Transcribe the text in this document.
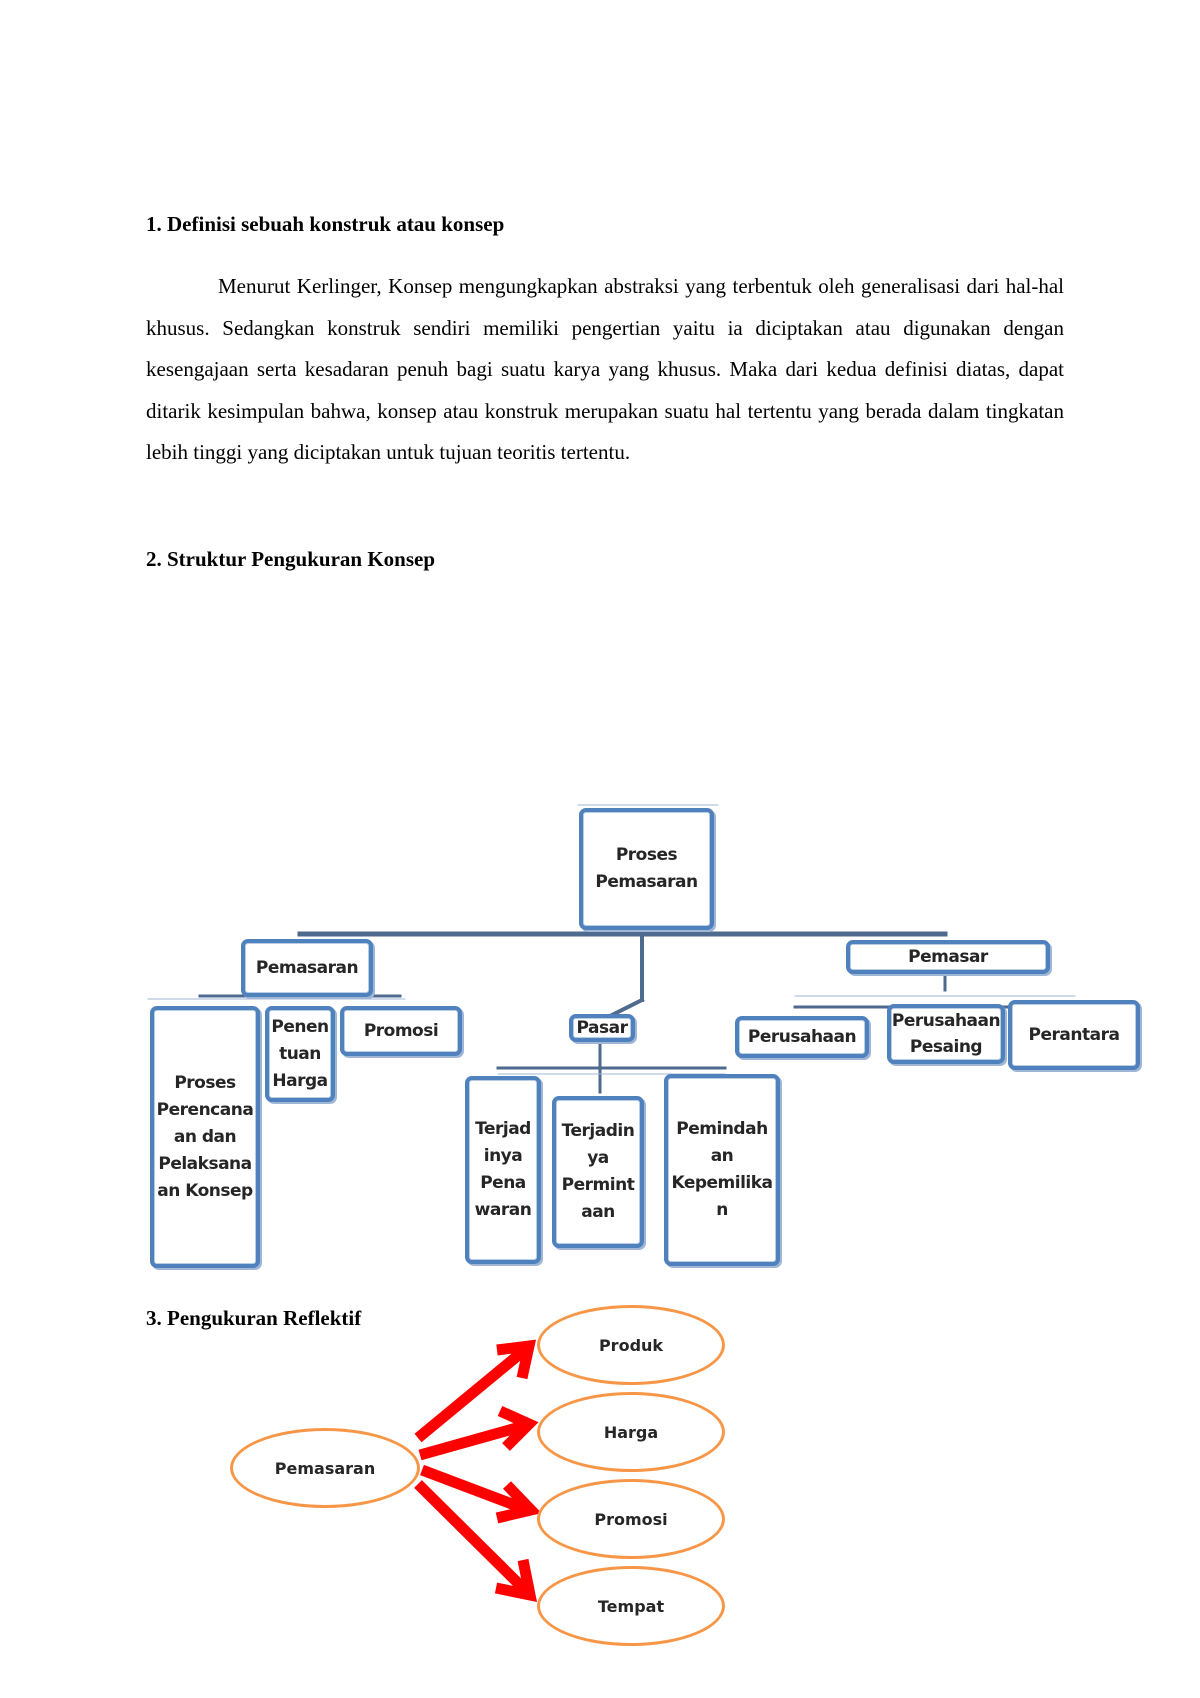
1. Definisi sebuah konstruk atau konsep

Menurut Kerlinger, Konsep mengungkapkan abstraksi yang terbentuk oleh generalisasi dari hal-hal khusus. Sedangkan konstruk sendiri memiliki pengertian yaitu ia diciptakan atau digunakan dengan kesengajaan serta kesadaran penuh bagi suatu karya yang khusus. Maka dari kedua definisi diatas, dapat ditarik kesimpulan bahwa, konsep atau konstruk merupakan suatu hal tertentu yang berada dalam tingkatan lebih tinggi yang diciptakan untuk tujuan teoritis tertentu.

2. Struktur Pengukuran Konsep
Proses
Pemasaran
Pemasaran
Pemasar
Pasar
Proses
Perencana
an dan
Pelaksana
an Konsep
Penen
tuan
Harga
Promosi
Terjad
inya
Pena
waran
Terjadin
ya
Permint
aan
Pemindah
an
Kepemilika
n
Perusahaan
Perusahaan
Pesaing
Perantara
3. Pengukuran Reflektif
Pemasaran
Produk
Harga
Promosi
Tempat
